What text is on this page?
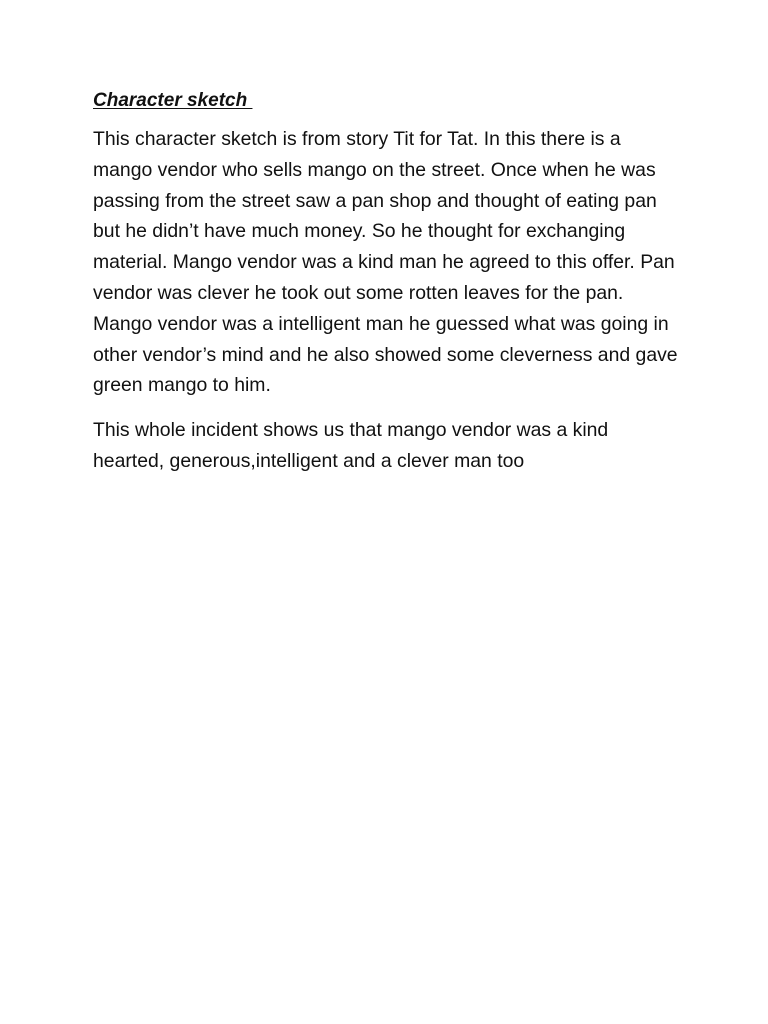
Character sketch

This character sketch is from story Tit for Tat. In this there is a mango vendor who sells mango on the street. Once when he was passing from the street saw a pan shop and thought of eating pan but he didn’t have much money. So he thought for exchanging material. Mango vendor was a kind man he agreed to this offer. Pan vendor was clever he took out some rotten leaves for the pan. Mango vendor was a intelligent man he guessed what was going in other vendor’s mind and he also showed some cleverness and gave green mango to him.

This whole incident shows us that mango vendor was a kind hearted, generous,intelligent and a clever man too
